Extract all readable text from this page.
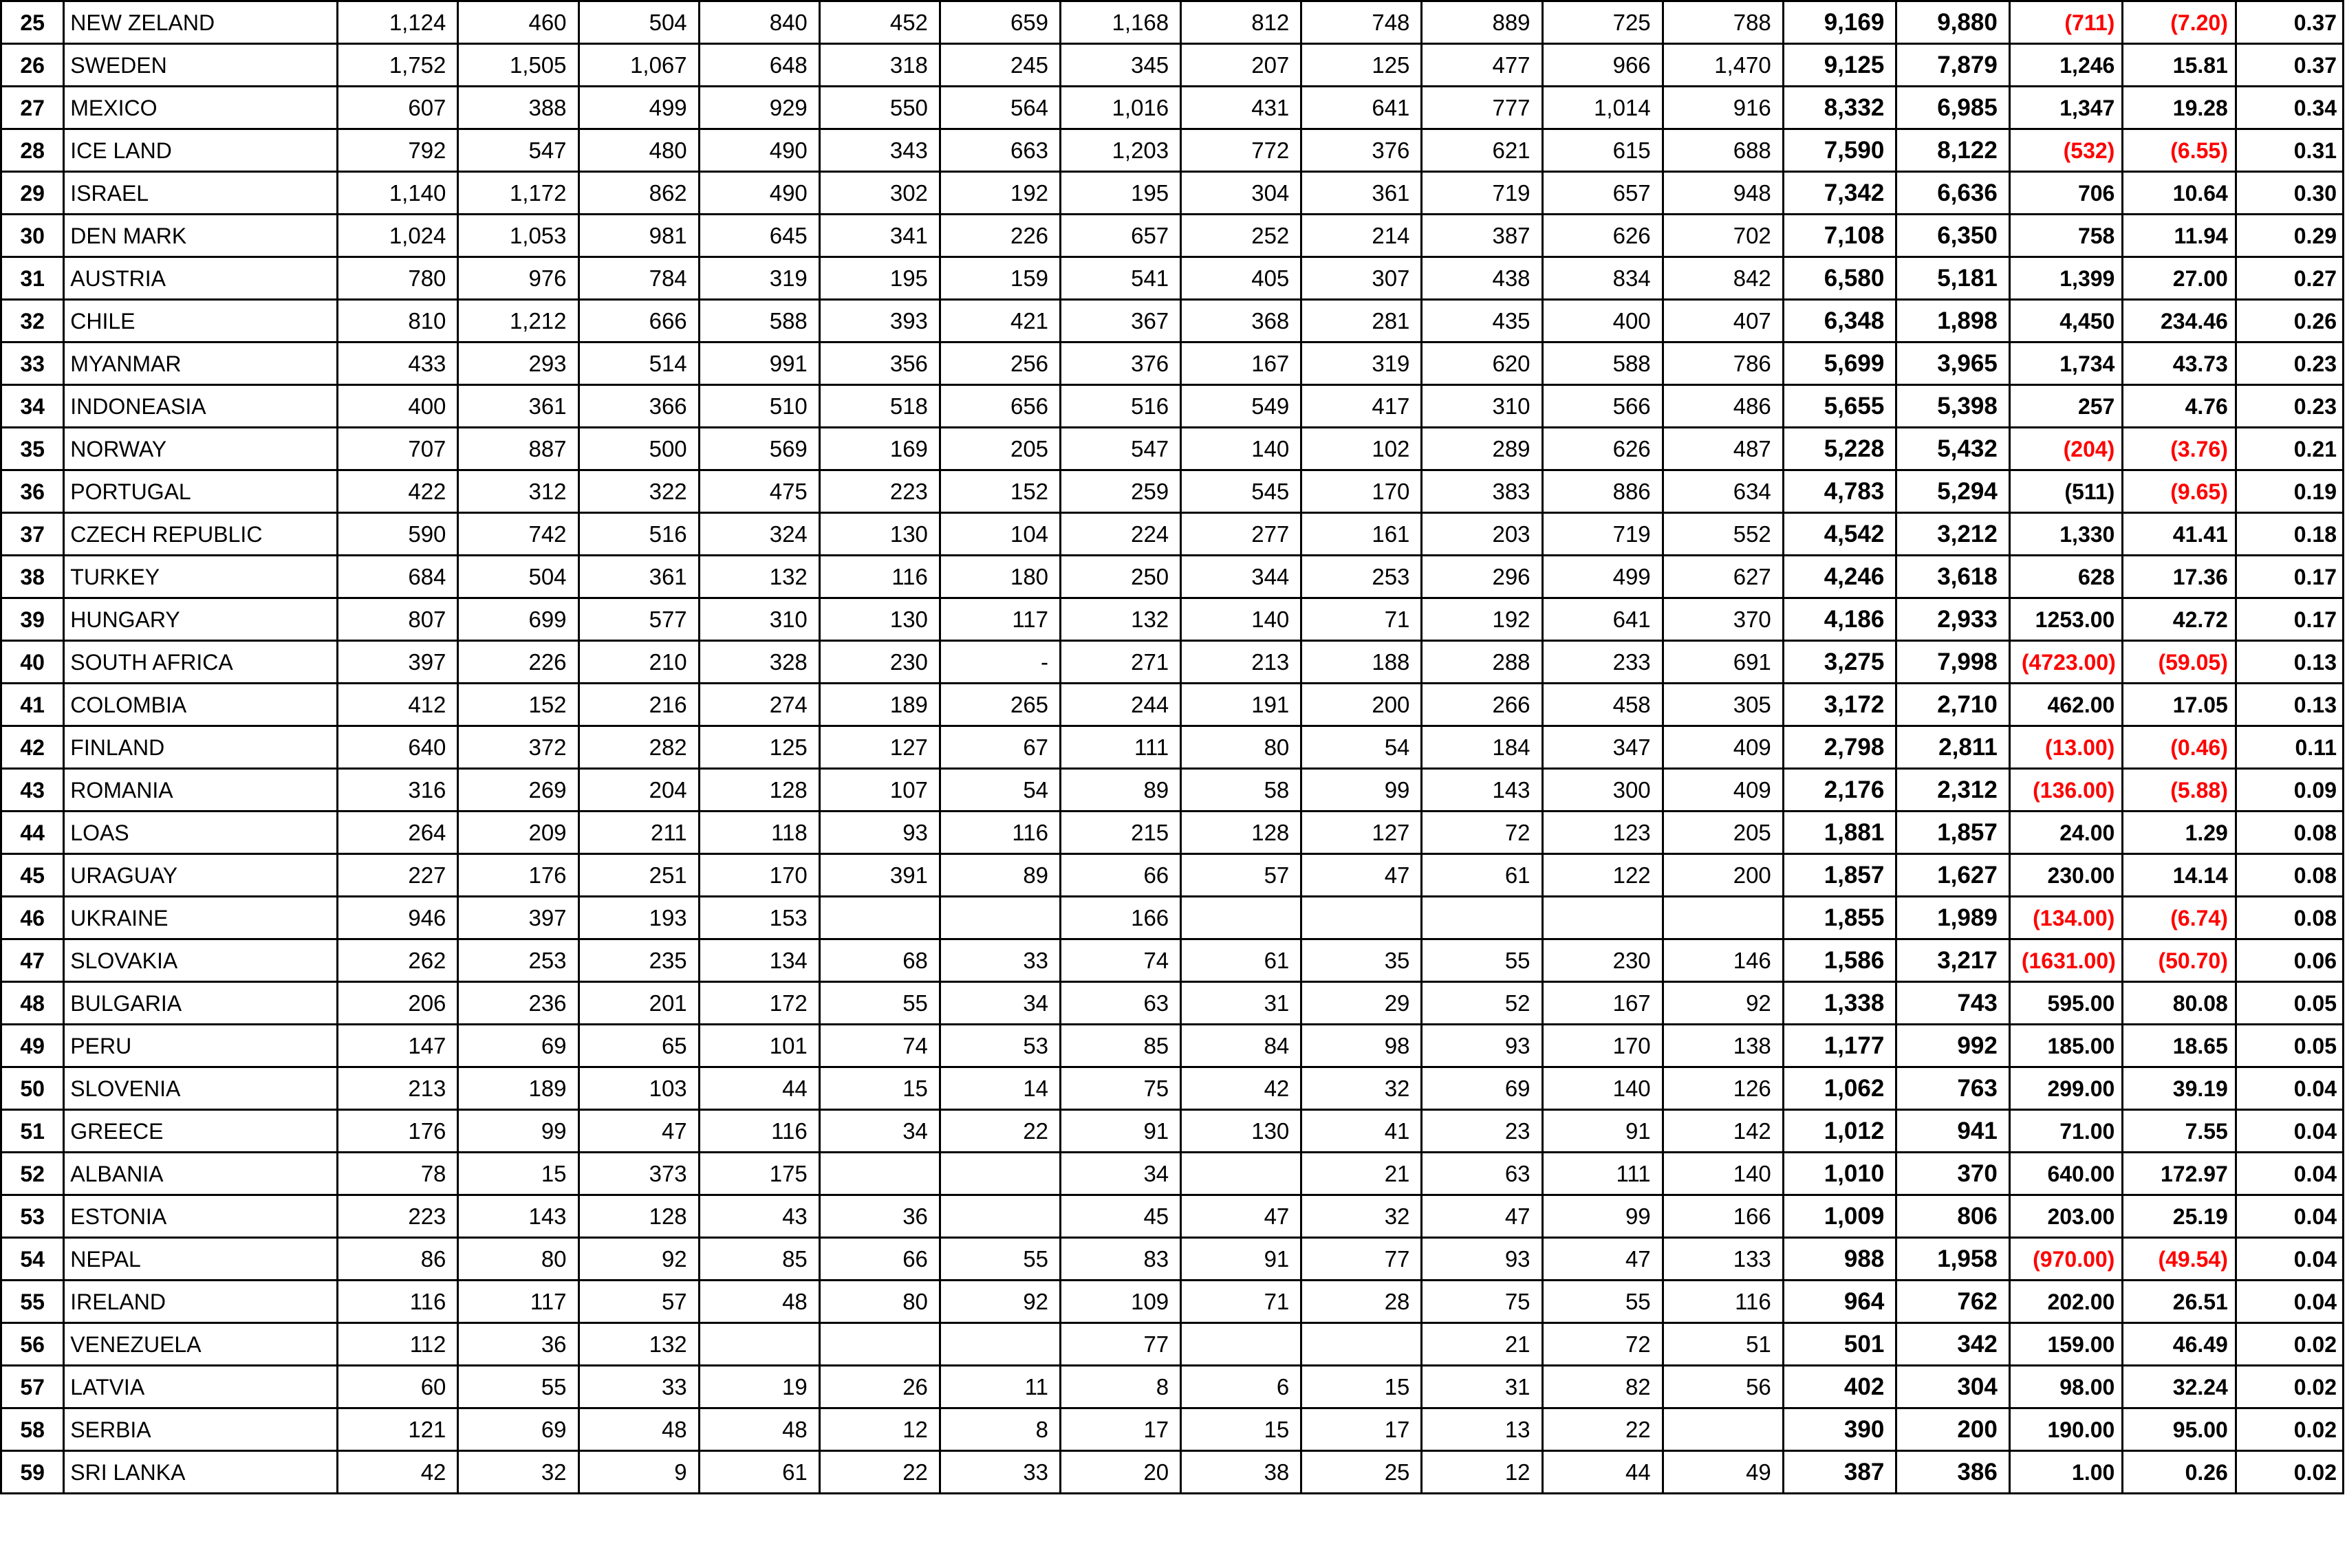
25	NEW ZELAND	1,124	460	504	840	452	659	1,168	812	748	889	725	788	9,169	9,880	(711)	(7.20)	0.37
26	SWEDEN	1,752	1,505	1,067	648	318	245	345	207	125	477	966	1,470	9,125	7,879	1,246	15.81	0.37
27	MEXICO	607	388	499	929	550	564	1,016	431	641	777	1,014	916	8,332	6,985	1,347	19.28	0.34
28	ICE LAND	792	547	480	490	343	663	1,203	772	376	621	615	688	7,590	8,122	(532)	(6.55)	0.31
29	ISRAEL	1,140	1,172	862	490	302	192	195	304	361	719	657	948	7,342	6,636	706	10.64	0.30
30	DEN MARK	1,024	1,053	981	645	341	226	657	252	214	387	626	702	7,108	6,350	758	11.94	0.29
31	AUSTRIA	780	976	784	319	195	159	541	405	307	438	834	842	6,580	5,181	1,399	27.00	0.27
32	CHILE	810	1,212	666	588	393	421	367	368	281	435	400	407	6,348	1,898	4,450	234.46	0.26
33	MYANMAR	433	293	514	991	356	256	376	167	319	620	588	786	5,699	3,965	1,734	43.73	0.23
34	INDONEASIA	400	361	366	510	518	656	516	549	417	310	566	486	5,655	5,398	257	4.76	0.23
35	NORWAY	707	887	500	569	169	205	547	140	102	289	626	487	5,228	5,432	(204)	(3.76)	0.21
36	PORTUGAL	422	312	322	475	223	152	259	545	170	383	886	634	4,783	5,294	(511)	(9.65)	0.19
37	CZECH REPUBLIC	590	742	516	324	130	104	224	277	161	203	719	552	4,542	3,212	1,330	41.41	0.18
38	TURKEY	684	504	361	132	116	180	250	344	253	296	499	627	4,246	3,618	628	17.36	0.17
39	HUNGARY	807	699	577	310	130	117	132	140	71	192	641	370	4,186	2,933	1253.00	42.72	0.17
40	SOUTH AFRICA	397	226	210	328	230	-	271	213	188	288	233	691	3,275	7,998	(4723.00)	(59.05)	0.13
41	COLOMBIA	412	152	216	274	189	265	244	191	200	266	458	305	3,172	2,710	462.00	17.05	0.13
42	FINLAND	640	372	282	125	127	67	111	80	54	184	347	409	2,798	2,811	(13.00)	(0.46)	0.11
43	ROMANIA	316	269	204	128	107	54	89	58	99	143	300	409	2,176	2,312	(136.00)	(5.88)	0.09
44	LOAS	264	209	211	118	93	116	215	128	127	72	123	205	1,881	1,857	24.00	1.29	0.08
45	URAGUAY	227	176	251	170	391	89	66	57	47	61	122	200	1,857	1,627	230.00	14.14	0.08
46	UKRAINE	946	397	193	153			166						1,855	1,989	(134.00)	(6.74)	0.08
47	SLOVAKIA	262	253	235	134	68	33	74	61	35	55	230	146	1,586	3,217	(1631.00)	(50.70)	0.06
48	BULGARIA	206	236	201	172	55	34	63	31	29	52	167	92	1,338	743	595.00	80.08	0.05
49	PERU	147	69	65	101	74	53	85	84	98	93	170	138	1,177	992	185.00	18.65	0.05
50	SLOVENIA	213	189	103	44	15	14	75	42	32	69	140	126	1,062	763	299.00	39.19	0.04
51	GREECE	176	99	47	116	34	22	91	130	41	23	91	142	1,012	941	71.00	7.55	0.04
52	ALBANIA	78	15	373	175			34		21	63	111	140	1,010	370	640.00	172.97	0.04
53	ESTONIA	223	143	128	43	36		45	47	32	47	99	166	1,009	806	203.00	25.19	0.04
54	NEPAL	86	80	92	85	66	55	83	91	77	93	47	133	988	1,958	(970.00)	(49.54)	0.04
55	IRELAND	116	117	57	48	80	92	109	71	28	75	55	116	964	762	202.00	26.51	0.04
56	VENEZUELA	112	36	132				77			21	72	51	501	342	159.00	46.49	0.02
57	LATVIA	60	55	33	19	26	11	8	6	15	31	82	56	402	304	98.00	32.24	0.02
58	SERBIA	121	69	48	48	12	8	17	15	17	13	22		390	200	190.00	95.00	0.02
59	SRI LANKA	42	32	9	61	22	33	20	38	25	12	44	49	387	386	1.00	0.26	0.02
